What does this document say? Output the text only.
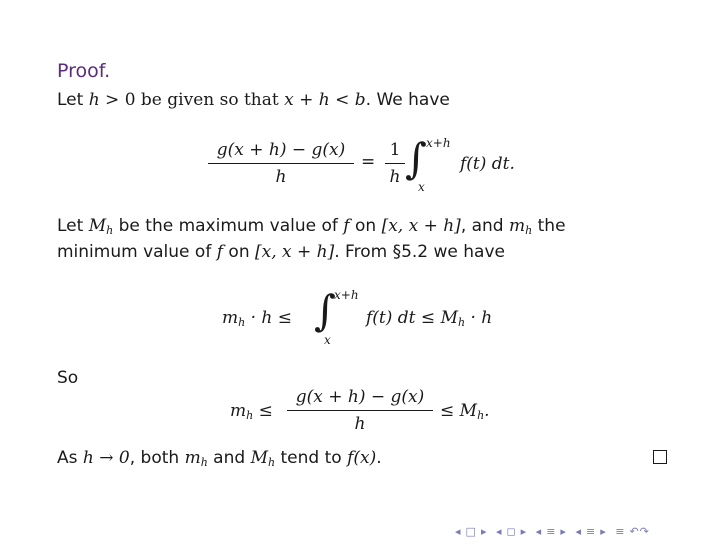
Proof.
Let h > 0 be given so that x + h < b. We have
g(x + h) − g(x)
h
=
1
h ∫ x+h
x
f(t) dt.
Let $M_h$ be the maximum value of f on [x, x + h], and $m_h$ the
minimum value of f on [x, x + h]. From §5.2 we have
$m_h \cdot h$ ≤ ∫
x+h
x
f(t) dt ≤ $M_h \cdot h$
So
$m_h$ ≤
g(x + h) − g(x)
h
≤ $M_h$.
As h → 0, both $m_h$ and $M_h$ tend to f(x).
◂ □ ▸ ◂ ◻ ▸ ◂ ≡ ▸ ◂ ≡ ▸ ≡ ↶↷
